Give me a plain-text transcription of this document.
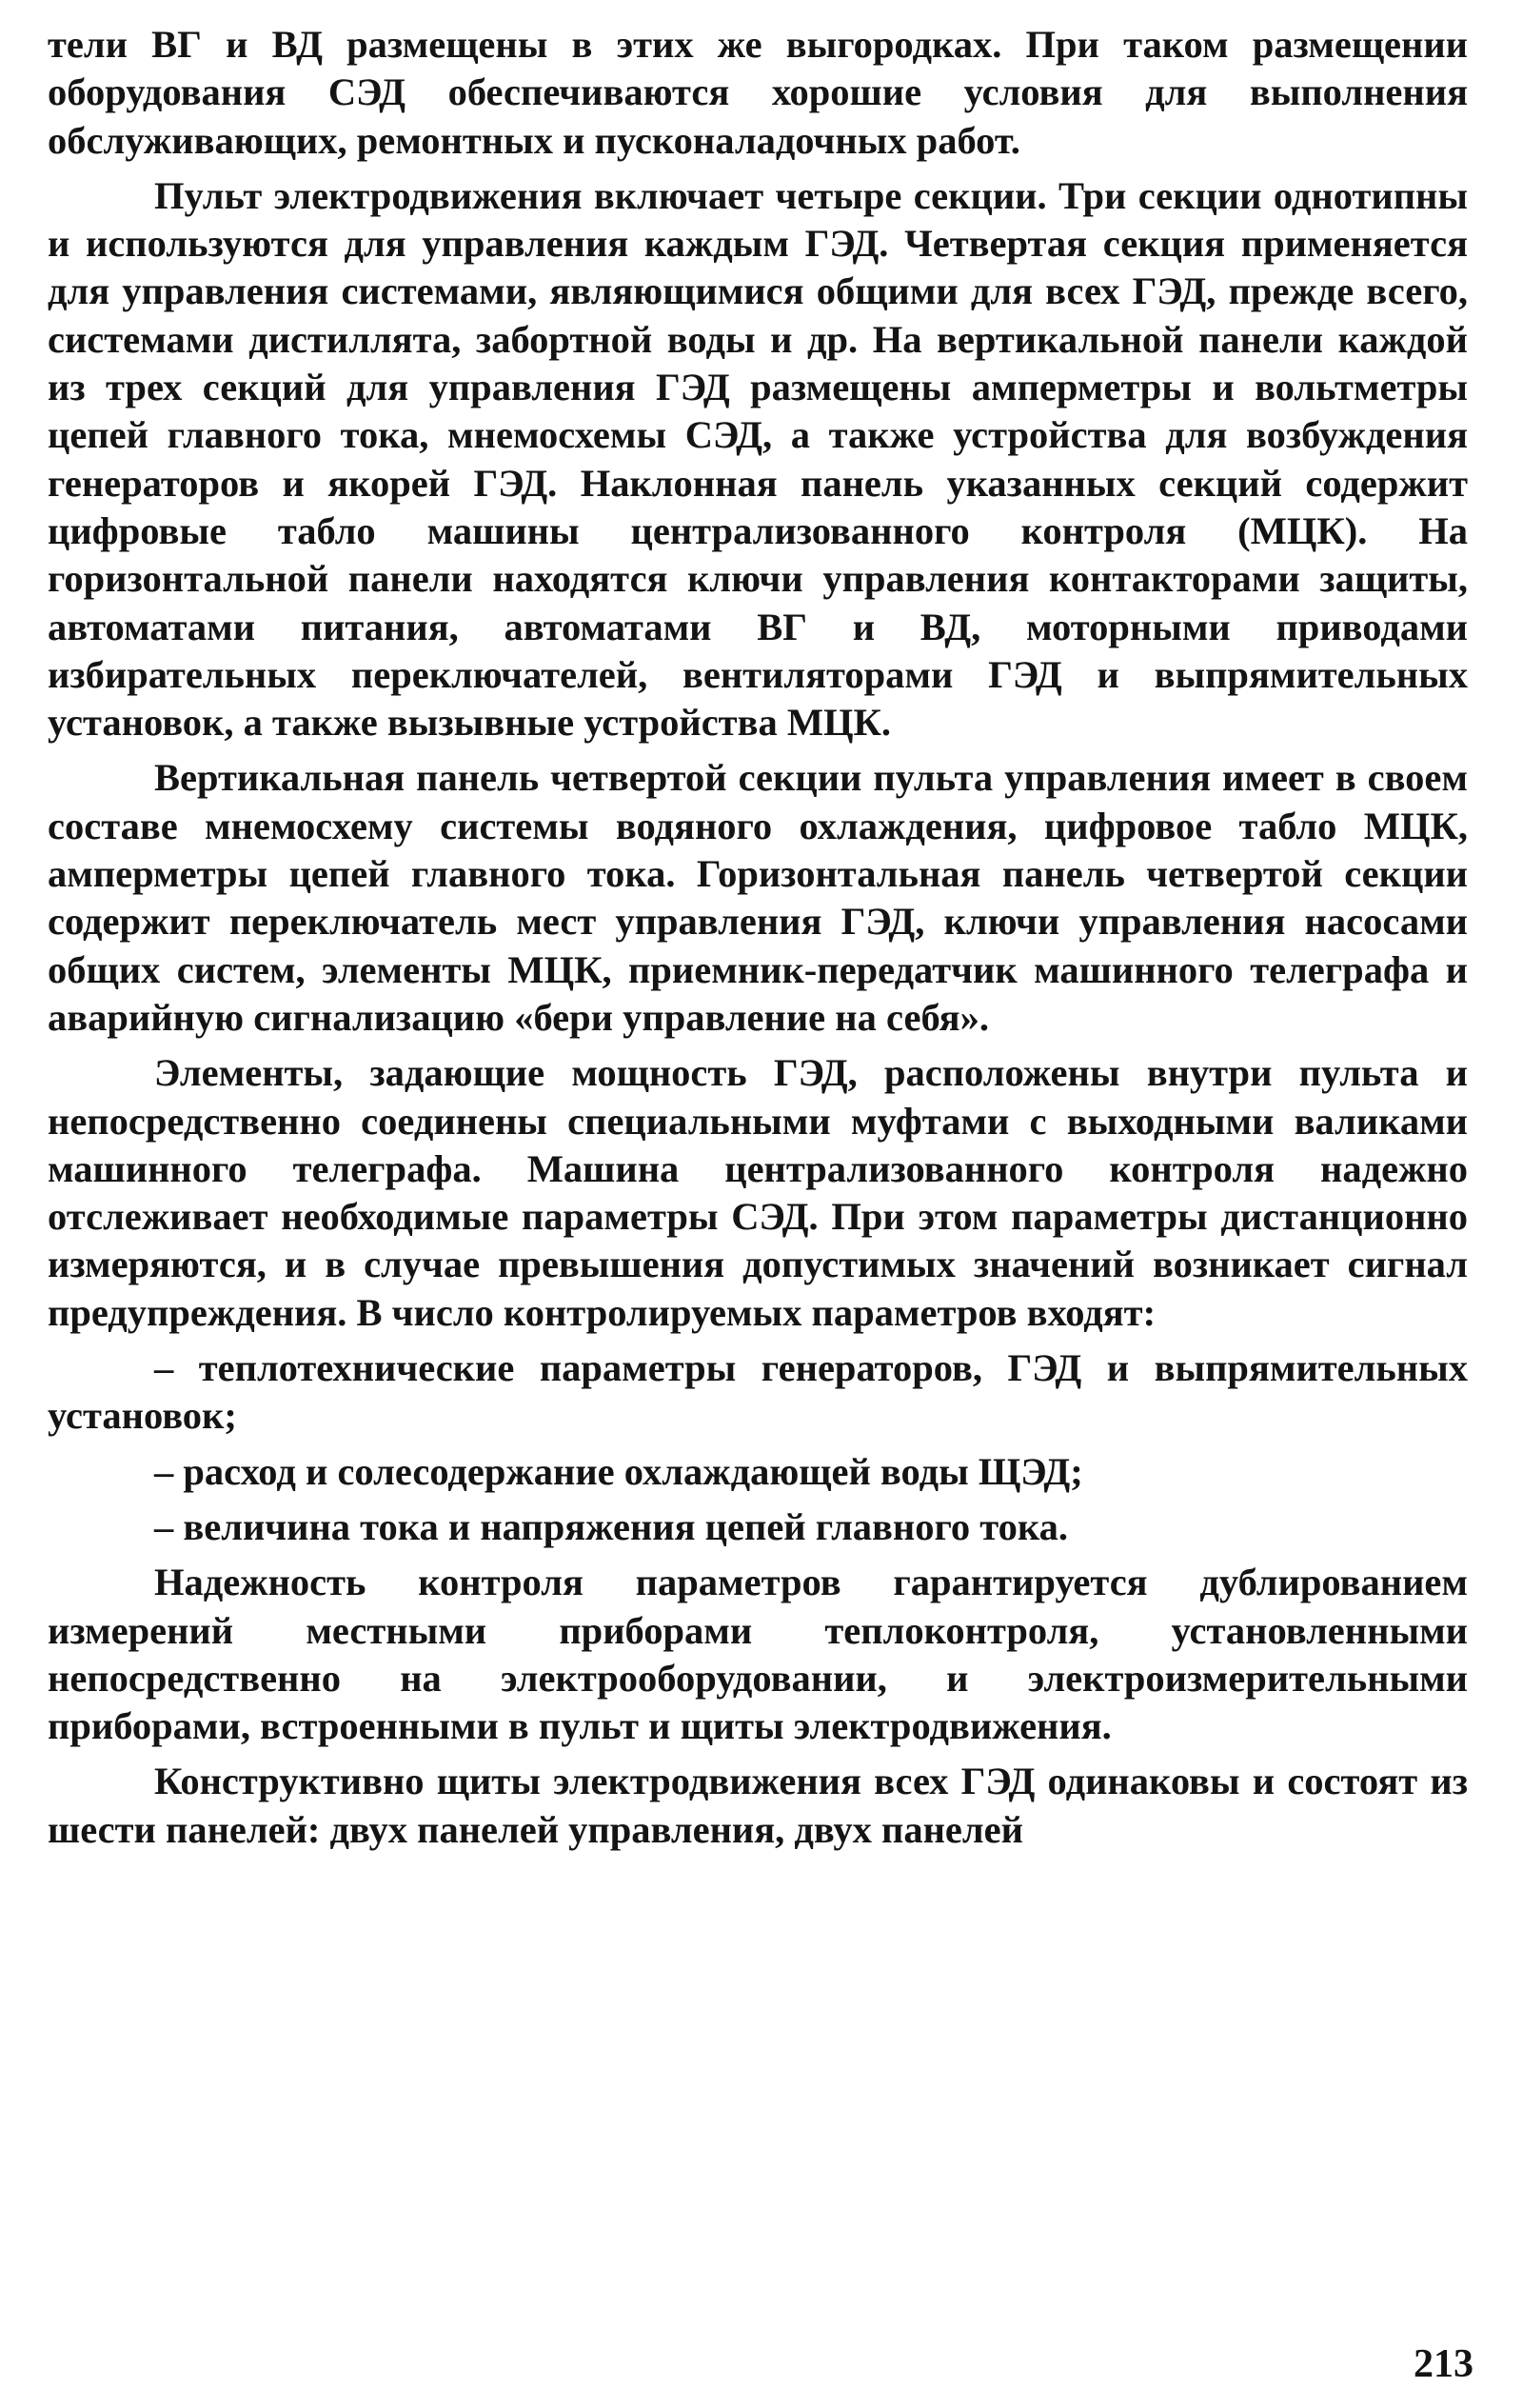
тели ВГ и ВД размещены в этих же выгородках. При таком размещении оборудования СЭД обеспечиваются хорошие условия для выполнения обслуживающих, ремонтных и пусконаладочных работ.

Пульт электродвижения включает четыре секции. Три секции однотипны и используются для управления каждым ГЭД. Четвертая секция применяется для управления системами, являющимися общими для всех ГЭД, прежде всего, системами дистиллята, забортной воды и др. На вертикальной панели каждой из трех секций для управления ГЭД размещены амперметры и вольтметры цепей главного тока, мнемосхемы СЭД, а также устройства для возбуждения генераторов и якорей ГЭД. Наклонная панель указанных секций содержит цифровые табло машины централизованного контроля (МЦК). На горизонтальной панели находятся ключи управления контакторами защиты, автоматами питания, автоматами ВГ и ВД, моторными приводами избирательных переключателей, вентиляторами ГЭД и выпрямительных установок, а также вызывные устройства МЦК.

Вертикальная панель четвертой секции пульта управления имеет в своем составе мнемосхему системы водяного охлаждения, цифровое табло МЦК, амперметры цепей главного тока. Горизонтальная панель четвертой секции содержит переключатель мест управления ГЭД, ключи управления насосами общих систем, элементы МЦК, приемник-передатчик машинного телеграфа и аварийную сигнализацию «бери управление на себя».

Элементы, задающие мощность ГЭД, расположены внутри пульта и непосредственно соединены специальными муфтами с выходными валиками машинного телеграфа. Машина централизованного контроля надежно отслеживает необходимые параметры СЭД. При этом параметры дистанционно измеряются, и в случае превышения допустимых значений возникает сигнал предупреждения. В число контролируемых параметров входят:

– теплотехнические параметры генераторов, ГЭД и выпрямительных установок;

– расход и солесодержание охлаждающей воды ЩЭД;

– величина тока и напряжения цепей главного тока.

Надежность контроля параметров гарантируется дублированием измерений местными приборами теплоконтроля, установленными непосредственно на электрооборудовании, и электроизмерительными приборами, встроенными в пульт и щиты электродвижения.

Конструктивно щиты электродвижения всех ГЭД одинаковы и состоят из шести панелей: двух панелей управления, двух панелей

213
